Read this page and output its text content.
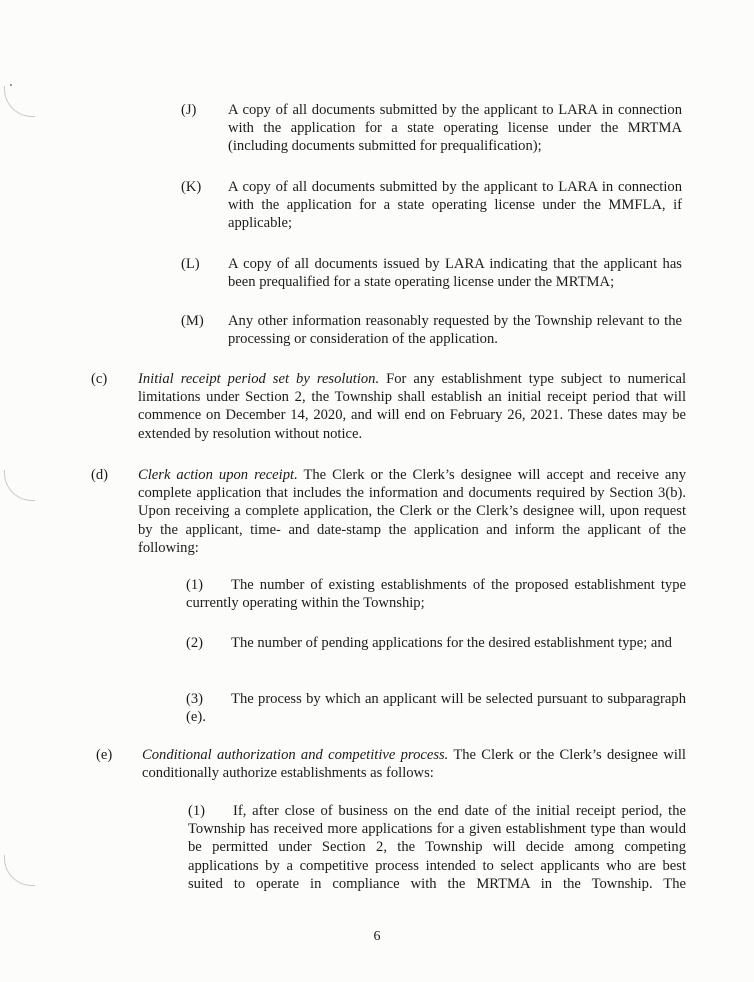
(J) A copy of all documents submitted by the applicant to LARA in connection with the application for a state operating license under the MRTMA (including documents submitted for prequalification);

(K) A copy of all documents submitted by the applicant to LARA in connection with the application for a state operating license under the MMFLA, if applicable;

(L) A copy of all documents issued by LARA indicating that the applicant has been prequalified for a state operating license under the MRTMA;

(M) Any other information reasonably requested by the Township relevant to the processing or consideration of the application.

(c) Initial receipt period set by resolution. For any establishment type subject to numerical limitations under Section 2, the Township shall establish an initial receipt period that will commence on December 14, 2020, and will end on February 26, 2021. These dates may be extended by resolution without notice.

(d) Clerk action upon receipt. The Clerk or the Clerk’s designee will accept and receive any complete application that includes the information and documents required by Section 3(b). Upon receiving a complete application, the Clerk or the Clerk’s designee will, upon request by the applicant, time- and date-stamp the application and inform the applicant of the following:

(1) The number of existing establishments of the proposed establishment type currently operating within the Township;

(2) The number of pending applications for the desired establishment type; and

(3) The process by which an applicant will be selected pursuant to subparagraph (e).

(e) Conditional authorization and competitive process. The Clerk or the Clerk’s designee will conditionally authorize establishments as follows:

(1) If, after close of business on the end date of the initial receipt period, the Township has received more applications for a given establishment type than would be permitted under Section 2, the Township will decide among competing applications by a competitive process intended to select applicants who are best suited to operate in compliance with the MRTMA in the Township. The

6
